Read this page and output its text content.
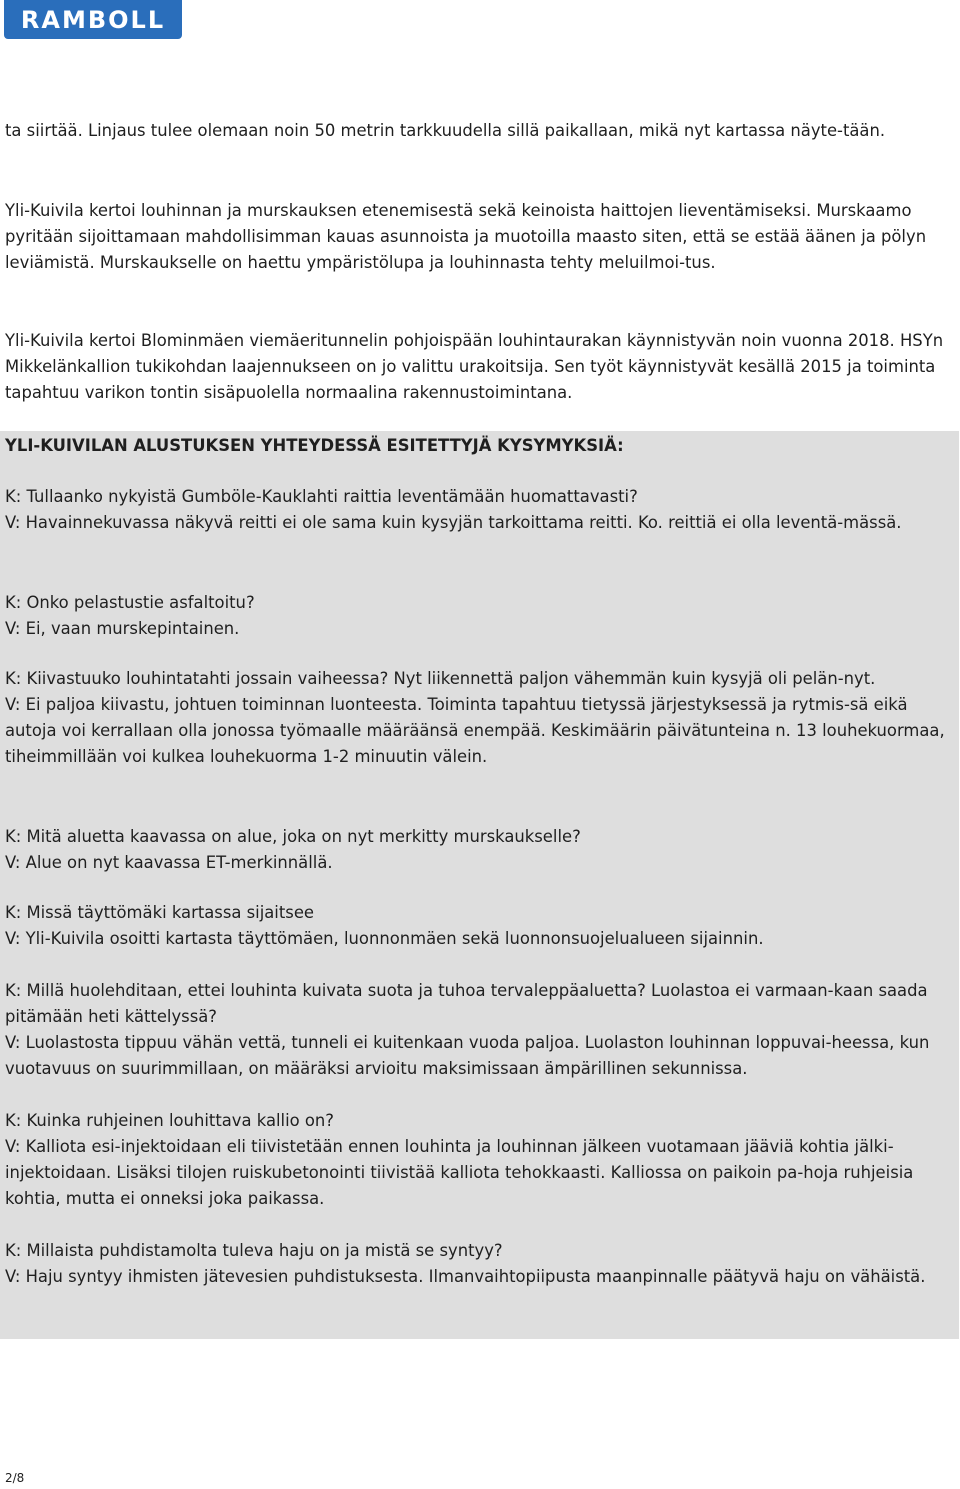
RAMBOLL

ta siirtää. Linjaus tulee olemaan noin 50 metrin tarkkuudella sillä paikallaan, mikä nyt kartassa näyte-tään.

Yli-Kuivila kertoi louhinnan ja murskauksen etenemisestä sekä keinoista haittojen lieventämiseksi. Murskaamo pyritään sijoittamaan mahdollisimman kauas asunnoista ja muotoilla maasto siten, että se estää äänen ja pölyn leviämistä. Murskaukselle on haettu ympäristölupa ja louhinnasta tehty meluilmoi-tus.

Yli-Kuivila kertoi Blominmäen viemäeritunnelin pohjoispään louhintaurakan käynnistyvän noin vuonna 2018. HSYn Mikkelänkallion tukikohdan laajennukseen on jo valittu urakoitsija. Sen työt käynnistyvät kesällä 2015 ja toiminta tapahtuu varikon tontin sisäpuolella normaalina rakennustoimintana.

YLI-KUIVILAN ALUSTUKSEN YHTEYDESSÄ ESITETTYJÄ KYSYMYKSIÄ:

K: Tullaanko nykyistä Gumböle-Kauklahti raittia leventämään huomattavasti?
V: Havainnekuvassa näkyvä reitti ei ole sama kuin kysyjän tarkoittama reitti. Ko. reittiä ei olla leventä-mässä.
K: Onko pelastustie asfaltoitu?
V: Ei, vaan murskepintainen.
K: Kiivastuuko louhintatahti jossain vaiheessa? Nyt liikennettä paljon vähemmän kuin kysyjä oli pelän-nyt.
V: Ei paljoa kiivastu, johtuen toiminnan luonteesta. Toiminta tapahtuu tietyssä järjestyksessä ja rytmis-sä eikä autoja voi kerrallaan olla jonossa työmaalle määräänsä enempää. Keskimäärin päivätunteina n. 13 louhekuormaa, tiheimmillään voi kulkea louhekuorma 1-2 minuutin välein.
K: Mitä aluetta kaavassa on alue, joka on nyt merkitty murskaukselle?
V: Alue on nyt kaavassa ET-merkinnällä.
K: Missä täyttömäki kartassa sijaitsee
V: Yli-Kuivila osoitti kartasta täyttömäen, luonnonmäen sekä luonnonsuojelualueen sijainnin.
K: Millä huolehditaan, ettei louhinta kuivata suota ja tuhoa tervaleppäaluetta? Luolastoa ei varmaan-kaan saada pitämään heti kättelyssä?
V: Luolastosta tippuu vähän vettä, tunneli ei kuitenkaan vuoda paljoa. Luolaston louhinnan loppuvai-heessa, kun vuotavuus on suurimmillaan, on määräksi arvioitu maksimissaan ämpärillinen sekunnissa.
K: Kuinka ruhjeinen louhittava kallio on?
V: Kalliota esi-injektoidaan eli tiivistetään ennen louhinta ja louhinnan jälkeen vuotamaan jääviä kohtia jälki-injektoidaan. Lisäksi tilojen ruiskubetonointi tiivistää kalliota tehokkaasti. Kalliossa on paikoin pa-hoja ruhjeisia kohtia, mutta ei onneksi joka paikassa.
K: Millaista puhdistamolta tuleva haju on ja mistä se syntyy?
V: Haju syntyy ihmisten jätevesien puhdistuksesta. Ilmanvaihtopiipusta maanpinnalle päätyvä haju on vähäistä.
2/8
